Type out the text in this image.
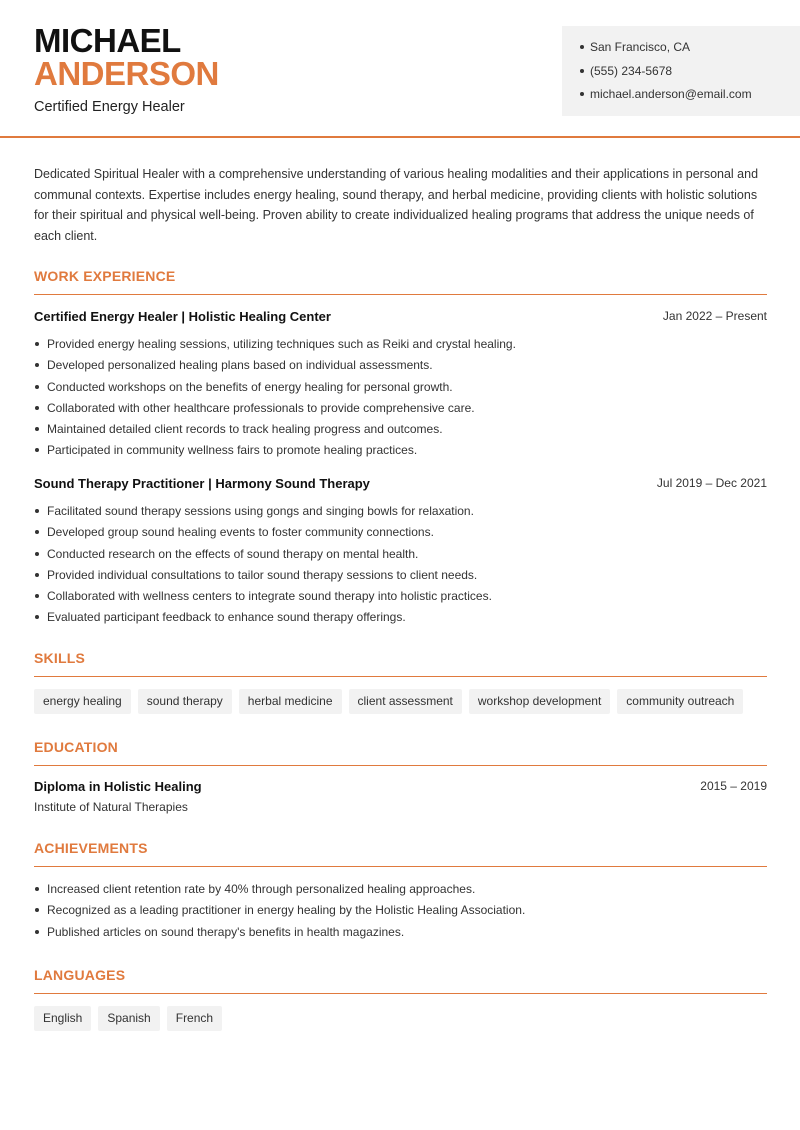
MICHAEL
ANDERSON
Certified Energy Healer
San Francisco, CA
(555) 234-5678
michael.anderson@email.com

Dedicated Spiritual Healer with a comprehensive understanding of various healing modalities and their applications in personal and communal contexts. Expertise includes energy healing, sound therapy, and herbal medicine, providing clients with holistic solutions for their spiritual and physical well-being. Proven ability to create individualized healing programs that address the unique needs of each client.

WORK EXPERIENCE
Certified Energy Healer | Holistic Healing Center	Jan 2022 – Present
Provided energy healing sessions, utilizing techniques such as Reiki and crystal healing.
Developed personalized healing plans based on individual assessments.
Conducted workshops on the benefits of energy healing for personal growth.
Collaborated with other healthcare professionals to provide comprehensive care.
Maintained detailed client records to track healing progress and outcomes.
Participated in community wellness fairs to promote healing practices.
Sound Therapy Practitioner | Harmony Sound Therapy	Jul 2019 – Dec 2021
Facilitated sound therapy sessions using gongs and singing bowls for relaxation.
Developed group sound healing events to foster community connections.
Conducted research on the effects of sound therapy on mental health.
Provided individual consultations to tailor sound therapy sessions to client needs.
Collaborated with wellness centers to integrate sound therapy into holistic practices.
Evaluated participant feedback to enhance sound therapy offerings.
SKILLS
energy healing	sound therapy	herbal medicine	client assessment	workshop development	community outreach
EDUCATION
Diploma in Holistic Healing	2015 – 2019
Institute of Natural Therapies
ACHIEVEMENTS
Increased client retention rate by 40% through personalized healing approaches.
Recognized as a leading practitioner in energy healing by the Holistic Healing Association.
Published articles on sound therapy's benefits in health magazines.
LANGUAGES
English	Spanish	French
